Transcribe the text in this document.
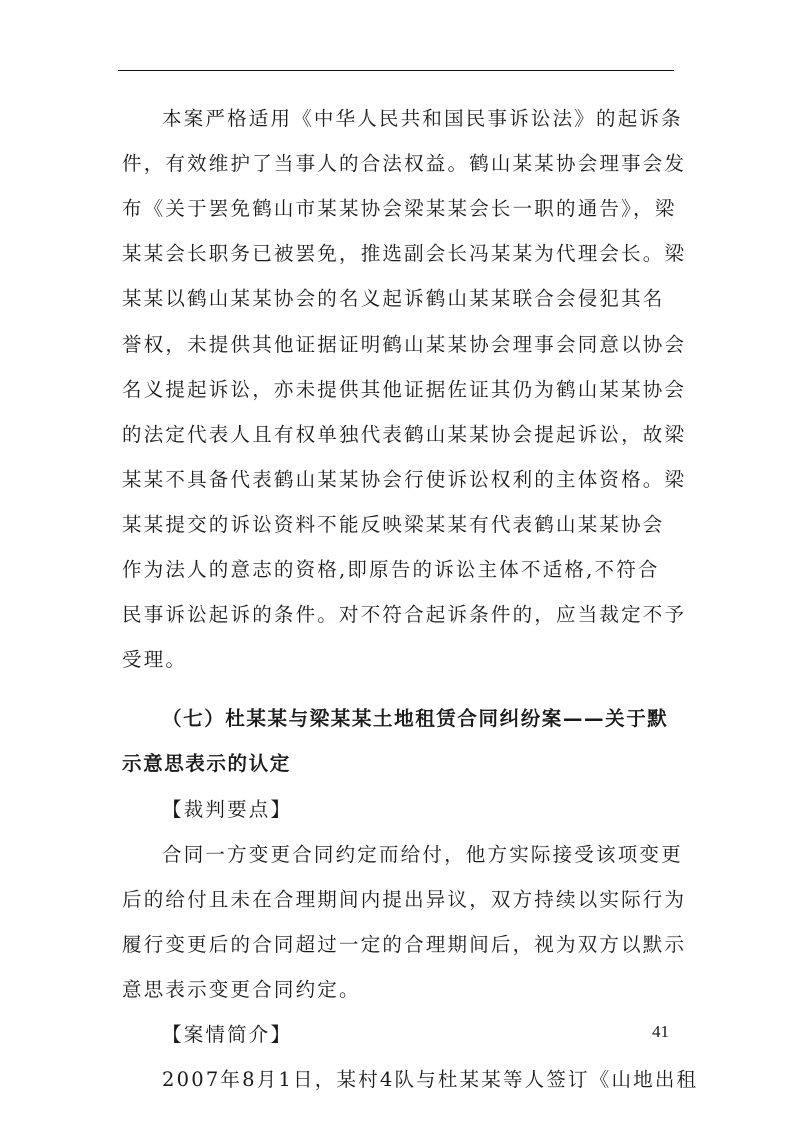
本案严格适用《中华人民共和国民事诉讼法》的起诉条
件，有效维护了当事人的合法权益。鹤山某某协会理事会发
布《关于罢免鹤山市某某协会梁某某会长一职的通告》，梁
某某会长职务已被罢免，推选副会长冯某某为代理会长。梁
某某以鹤山某某协会的名义起诉鹤山某某联合会侵犯其名
誉权，未提供其他证据证明鹤山某某协会理事会同意以协会
名义提起诉讼，亦未提供其他证据佐证其仍为鹤山某某协会
的法定代表人且有权单独代表鹤山某某协会提起诉讼，故梁
某某不具备代表鹤山某某协会行使诉讼权利的主体资格。梁
某某提交的诉讼资料不能反映梁某某有代表鹤山某某协会
作为法人的意志的资格,即原告的诉讼主体不适格,不符合
民事诉讼起诉的条件。对不符合起诉条件的，应当裁定不予
受理。
（七）杜某某与梁某某土地租赁合同纠纷案——关于默
示意思表示的认定
【裁判要点】
合同一方变更合同约定而给付，他方实际接受该项变更
后的给付且未在合理期间内提出异议，双方持续以实际行为
履行变更后的合同超过一定的合理期间后，视为双方以默示
意思表示变更合同约定。
【案情简介】
2007年8月1日，某村4队与杜某某等人签订《山地出租
41
